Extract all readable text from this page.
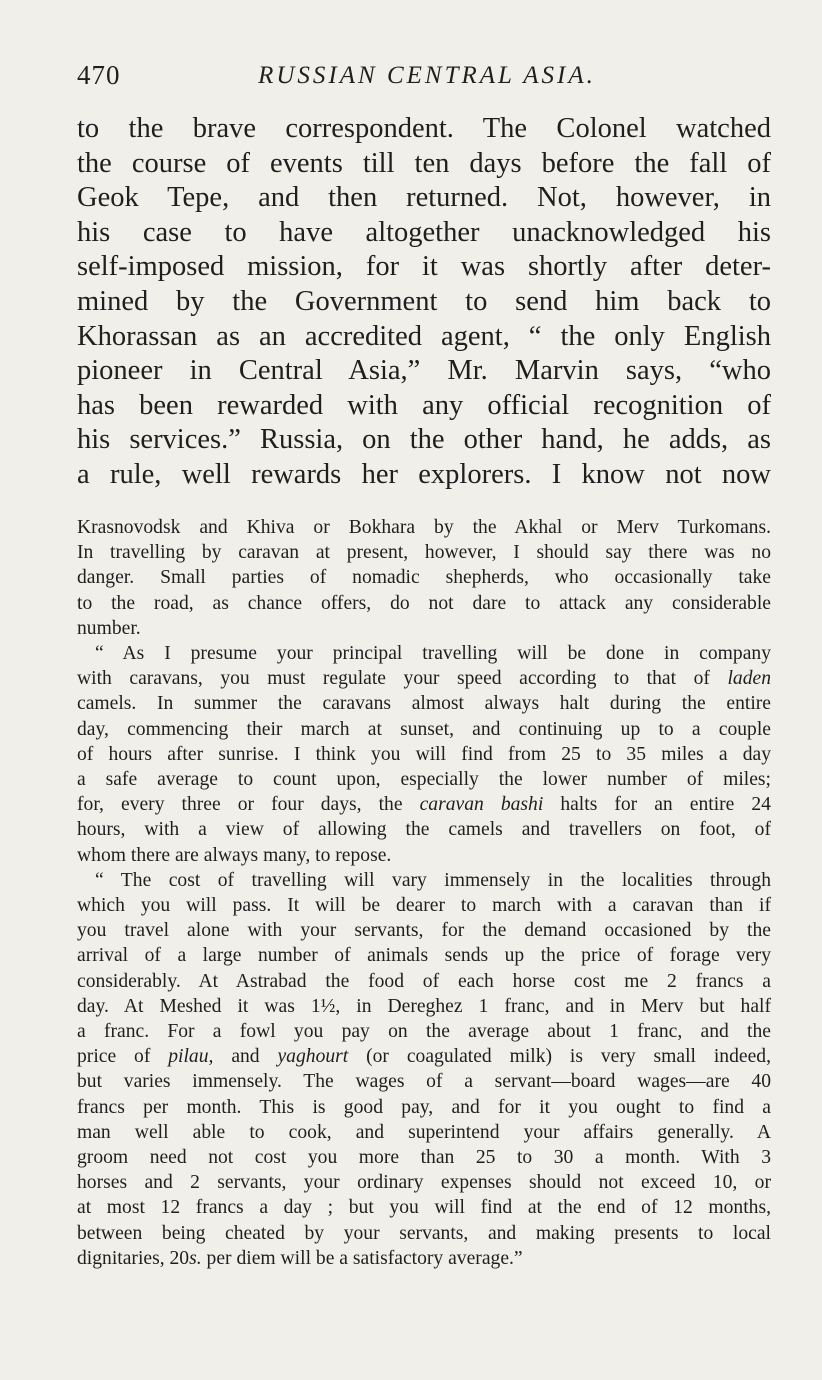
470	RUSSIAN CENTRAL ASIA.
to the brave correspondent. The Colonel watched
the course of events till ten days before the fall of
Geok Tepe, and then returned. Not, however, in
his case to have altogether unacknowledged his
self-imposed mission, for it was shortly after deter-
mined by the Government to send him back to
Khorassan as an accredited agent, “ the only English
pioneer in Central Asia,” Mr. Marvin says, “who
has been rewarded with any official recognition of
his services.” Russia, on the other hand, he adds, as
a rule, well rewards her explorers. I know not now
Krasnovodsk and Khiva or Bokhara by the Akhal or Merv Turkomans.
In travelling by caravan at present, however, I should say there was no
danger. Small parties of nomadic shepherds, who occasionally take
to the road, as chance offers, do not dare to attack any considerable
number.
“ As I presume your principal travelling will be done in company
with caravans, you must regulate your speed according to that of laden
camels. In summer the caravans almost always halt during the entire
day, commencing their march at sunset, and continuing up to a couple
of hours after sunrise. I think you will find from 25 to 35 miles a day
a safe average to count upon, especially the lower number of miles;
for, every three or four days, the caravan bashi halts for an entire 24
hours, with a view of allowing the camels and travellers on foot, of
whom there are always many, to repose.
“ The cost of travelling will vary immensely in the localities through
which you will pass. It will be dearer to march with a caravan than if
you travel alone with your servants, for the demand occasioned by the
arrival of a large number of animals sends up the price of forage very
considerably. At Astrabad the food of each horse cost me 2 francs a
day. At Meshed it was 1½, in Dereghez 1 franc, and in Merv but half
a franc. For a fowl you pay on the average about 1 franc, and the
price of pilau, and yaghourt (or coagulated milk) is very small indeed,
but varies immensely. The wages of a servant—board wages—are 40
francs per month. This is good pay, and for it you ought to find a
man well able to cook, and superintend your affairs generally. A
groom need not cost you more than 25 to 30 a month. With 3
horses and 2 servants, your ordinary expenses should not exceed 10, or
at most 12 francs a day ; but you will find at the end of 12 months,
between being cheated by your servants, and making presents to local
dignitaries, 20s. per diem will be a satisfactory average.”
